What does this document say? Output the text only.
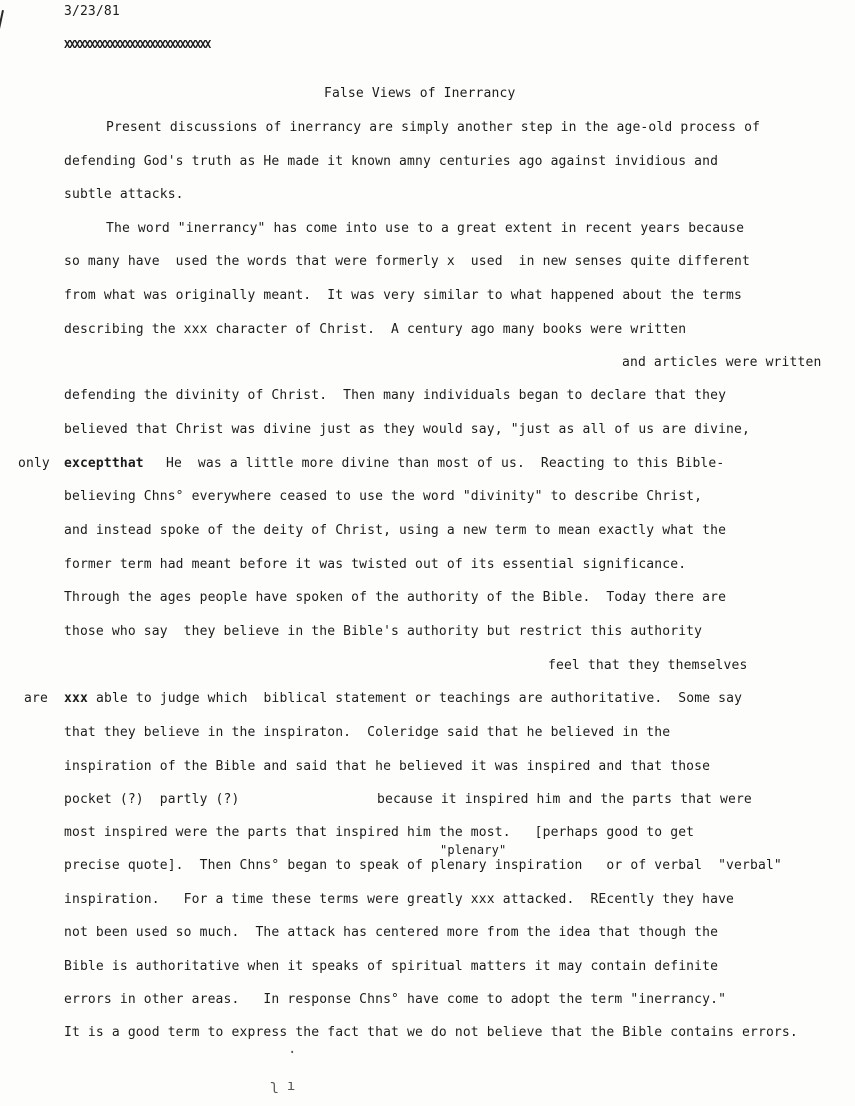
3/23/81
XXXXXXXXXXXXXXXXXXXXXXXXXXXXX
False Views of Inerrancy
Present discussions of inerrancy are simply another step in the age-old process of
defending God's truth as He made it known amny centuries ago against invidious and
subtle attacks.
The word "inerrancy" has come into use to a great extent in recent years because
so many have  used the words that were formerly x  used  in new senses quite different
from what was originally meant.  It was very similar to what happened about the terms
describing the xxx character of Christ.  A century ago many books were written
and articles were written
defending the divinity of Christ.  Then many individuals began to declare that they
believed that Christ was divine just as they would say, "just as all of us are divine,
only exceptthat He  was a little more divine than most of us.  Reacting to this Bible-
believing Chns° everywhere ceased to use the word "divinity" to describe Christ,
and instead spoke of the deity of Christ, using a new term to mean exactly what the
former term had meant before it was twisted out of its essential significance.
Through the ages people have spoken of the authority of the Bible.  Today there are
those who say  they believe in the Bible's authority but restrict this authority
feel that they themselves
are xxx able to judge which  biblical statement or teachings are authoritative.  Some say
that they believe in the inspiraton.  Coleridge said that he believed in the
inspiration of the Bible and said that he believed it was inspired and that those
pocket (?)  partly (?)	because it inspired him and the parts that were
most inspired were the parts that inspired him the most.   [perhaps good to get
"plenary"
precise quote].  Then Chns° began to speak of plenary inspiration   or of verbal  "verbal"
inspiration.   For a time these terms were greatly xxx attacked.  REcently they have
not been used so much.  The attack has centered more from the idea that though the
Bible is authoritative when it speaks of spiritual matters it may contain definite
errors in other areas.   In response Chns° have come to adopt the term "inerrancy."
It is a good term to express the fact that we do not believe that the Bible contains errors.
·
ʅ ı
